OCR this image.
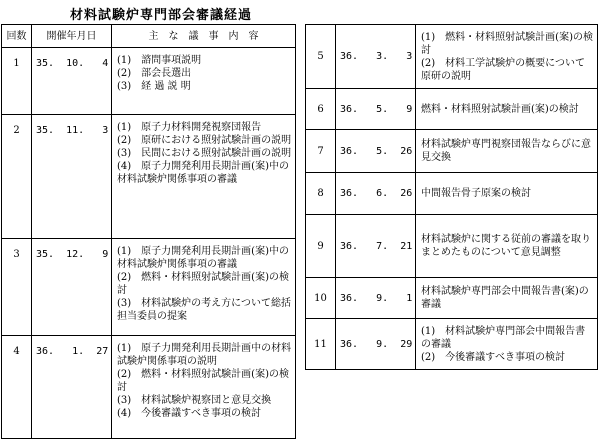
材料試験炉専門部会審議経過
回数	開催年月日	主　な　議　事　内　容
1	35.  10.   4	(1)　諮問事項説明
(2)　部会長選出
(3)　経 過 説 明

2	35.  11.   3	(1)　原子力材料開発視察団報告
(2)　原研における照射試験計画の説明
(3)　民間における照射試験計画の説明
(4)　原子力開発利用長期計画(案)中の材料試験炉関係事項の審議

3	35.  12.   9	(1)　原子力開発利用長期計画(案)中の材料試験炉関係事項の審議
(2)　燃料・材料照射試験計画(案)の検討
(3)　材料試験炉の考え方について総括担当委員の提案

4	36.   1.  27	(1)　原子力開発利用長期計画中の材料試験炉関係事項の説明
(2)　燃料・材料照射試験計画(案)の検討
(3)　材料試験炉視察団と意見交換
(4)　今後審議すべき事項の検討
5	36.   3.   3	(1)　燃料・材料照射試験計画(案)の検討
(2)　材料工学試験炉の概要について原研の説明

6	36.   5.   9	燃料・材料照射試験計画(案)の検討

7	36.   5.  26	材料試験炉専門視察団報告ならびに意見交換

8	36.   6.  26	中間報告骨子原案の検討

9	36.   7.  21	材料試験炉に関する従前の審議を取りまとめたものについて意見調整

10	36.   9.   1	材料試験炉専門部会中間報告書(案)の審議

11	36.   9.  29	(1)　材料試験炉専門部会中間報告書の審議
(2)　今後審議すべき事項の検討
